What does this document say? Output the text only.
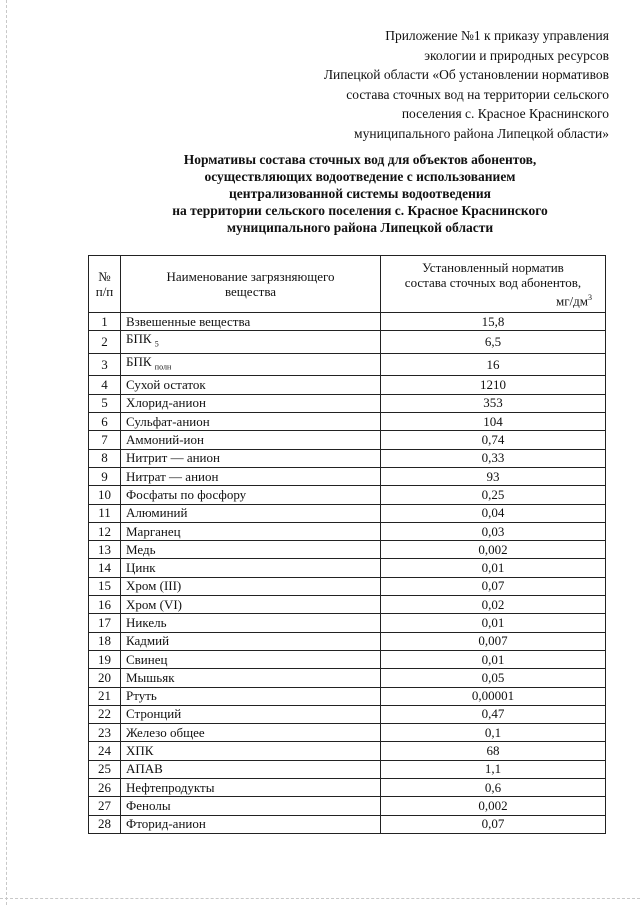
Приложение №1 к приказу управления
экологии и природных ресурсов
Липецкой области «Об установлении нормативов
состава сточных вод на территории сельского
поселения с. Красное Краснинского
муниципального района Липецкой области»
Нормативы состава сточных вод для объектов абонентов,
осуществляющих водоотведение с использованием
централизованной системы водоотведения
на территории сельского поселения с. Красное Краснинского
муниципального района Липецкой области
№
п/п	Наименование загрязняющего
вещества	Установленный норматив
состава сточных вод абонентов,
$мг/дм^3$

1	Взвешенные вещества	15,8
2	БПК $_5$	6,5
3	БПК $_{полн}$	16
4	Сухой остаток	1210
5	Хлорид-анион	353
6	Сульфат-анион	104
7	Аммоний-ион	0,74
8	Нитрит — анион	0,33
9	Нитрат — анион	93
10	Фосфаты по фосфору	0,25
11	Алюминий	0,04
12	Марганец	0,03
13	Медь	0,002
14	Цинк	0,01
15	Хром (III)	0,07
16	Хром (VI)	0,02
17	Никель	0,01
18	Кадмий	0,007
19	Свинец	0,01
20	Мышьяк	0,05
21	Ртуть	0,00001
22	Стронций	0,47
23	Железо общее	0,1
24	ХПК	68
25	АПАВ	1,1
26	Нефтепродукты	0,6
27	Фенолы	0,002
28	Фторид-анион	0,07
